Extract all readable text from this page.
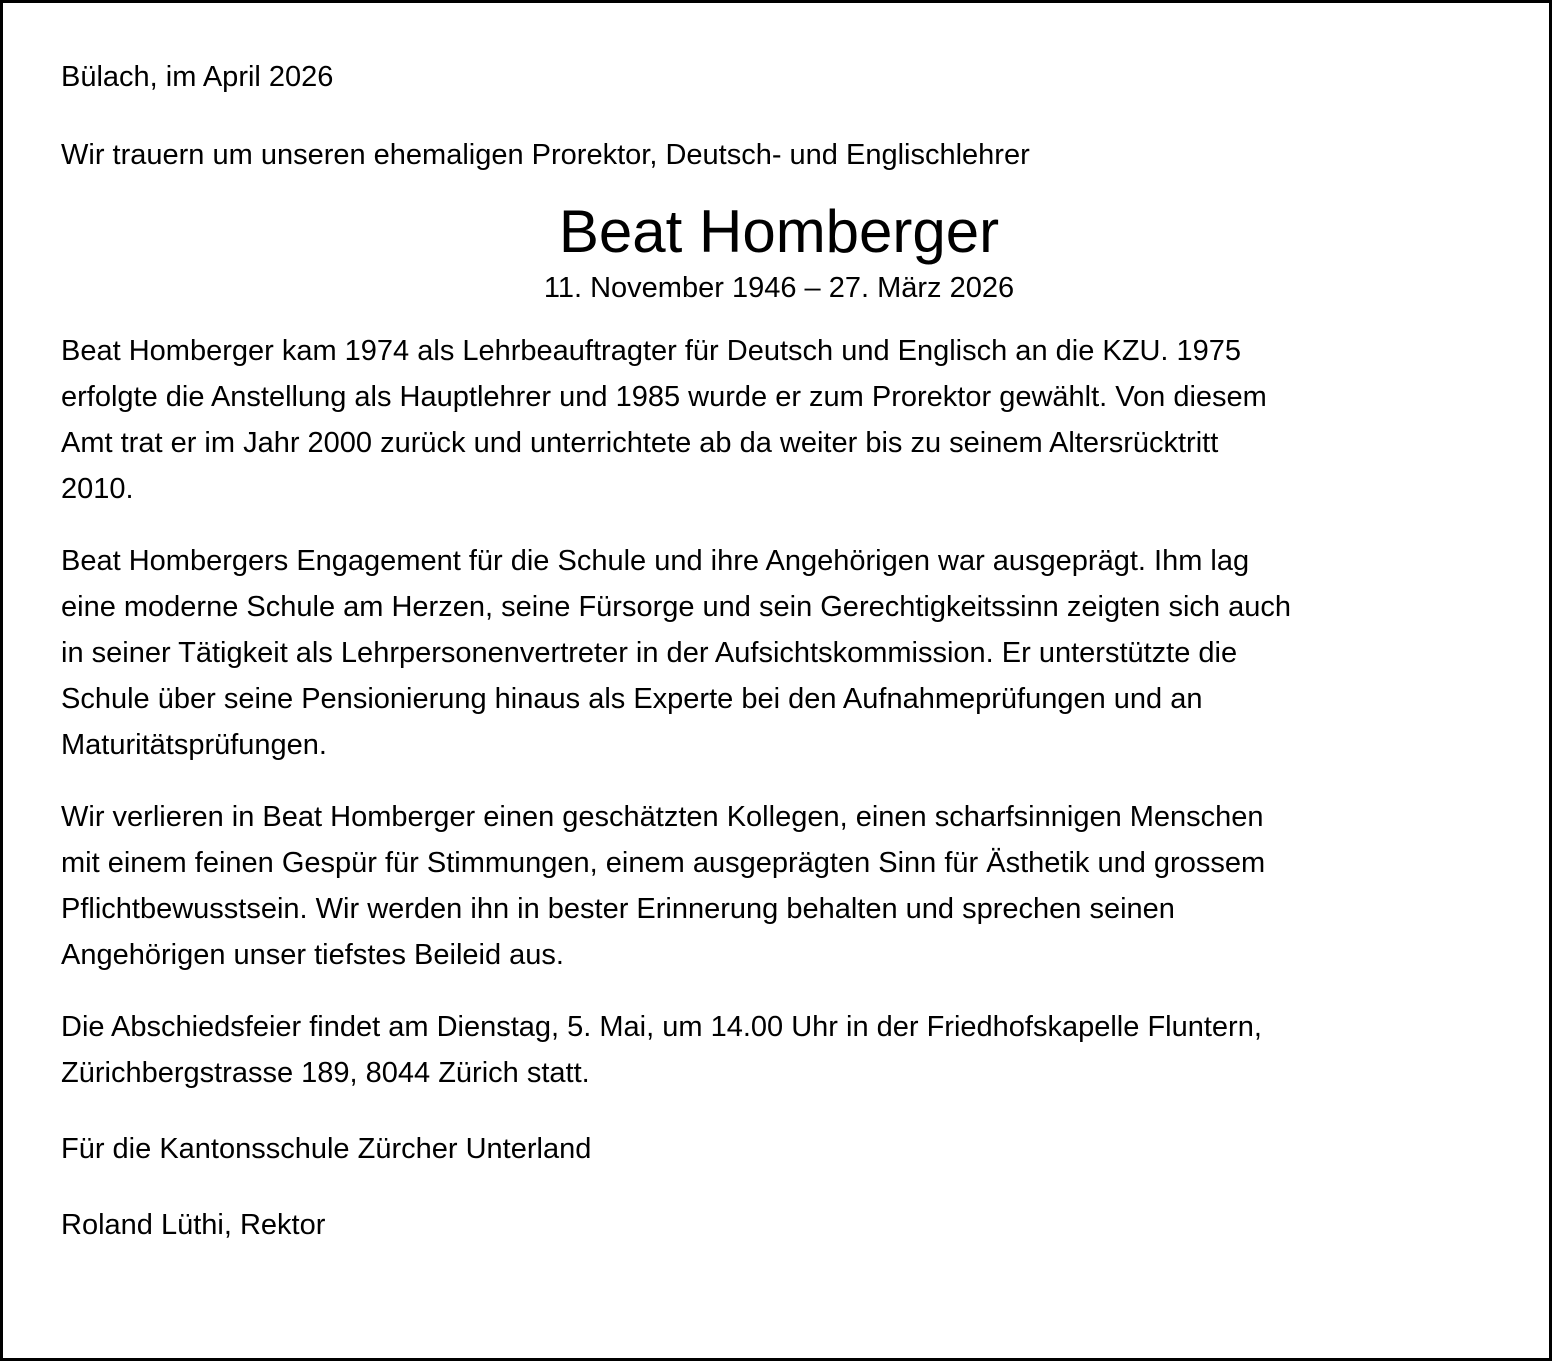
Bülach, im April 2026

Wir trauern um unseren ehemaligen Prorektor, Deutsch- und Englischlehrer

Beat Homberger

11. November 1946 – 27. März 2026

Beat Homberger kam 1974 als Lehrbeauftragter für Deutsch und Englisch an die KZU. 1975
erfolgte die Anstellung als Hauptlehrer und 1985 wurde er zum Prorektor gewählt. Von diesem
Amt trat er im Jahr 2000 zurück und unterrichtete ab da weiter bis zu seinem Altersrücktritt
2010.

Beat Hombergers Engagement für die Schule und ihre Angehörigen war ausgeprägt. Ihm lag
eine moderne Schule am Herzen, seine Fürsorge und sein Gerechtigkeitssinn zeigten sich auch
in seiner Tätigkeit als Lehrpersonenvertreter in der Aufsichtskommission. Er unterstützte die
Schule über seine Pensionierung hinaus als Experte bei den Aufnahmeprüfungen und an
Maturitätsprüfungen.

Wir verlieren in Beat Homberger einen geschätzten Kollegen, einen scharfsinnigen Menschen
mit einem feinen Gespür für Stimmungen, einem ausgeprägten Sinn für Ästhetik und grossem
Pflichtbewusstsein. Wir werden ihn in bester Erinnerung behalten und sprechen seinen
Angehörigen unser tiefstes Beileid aus.

Die Abschiedsfeier findet am Dienstag, 5. Mai, um 14.00 Uhr in der Friedhofskapelle Fluntern,
Zürichbergstrasse 189, 8044 Zürich statt.

Für die Kantonsschule Zürcher Unterland

Roland Lüthi, Rektor
